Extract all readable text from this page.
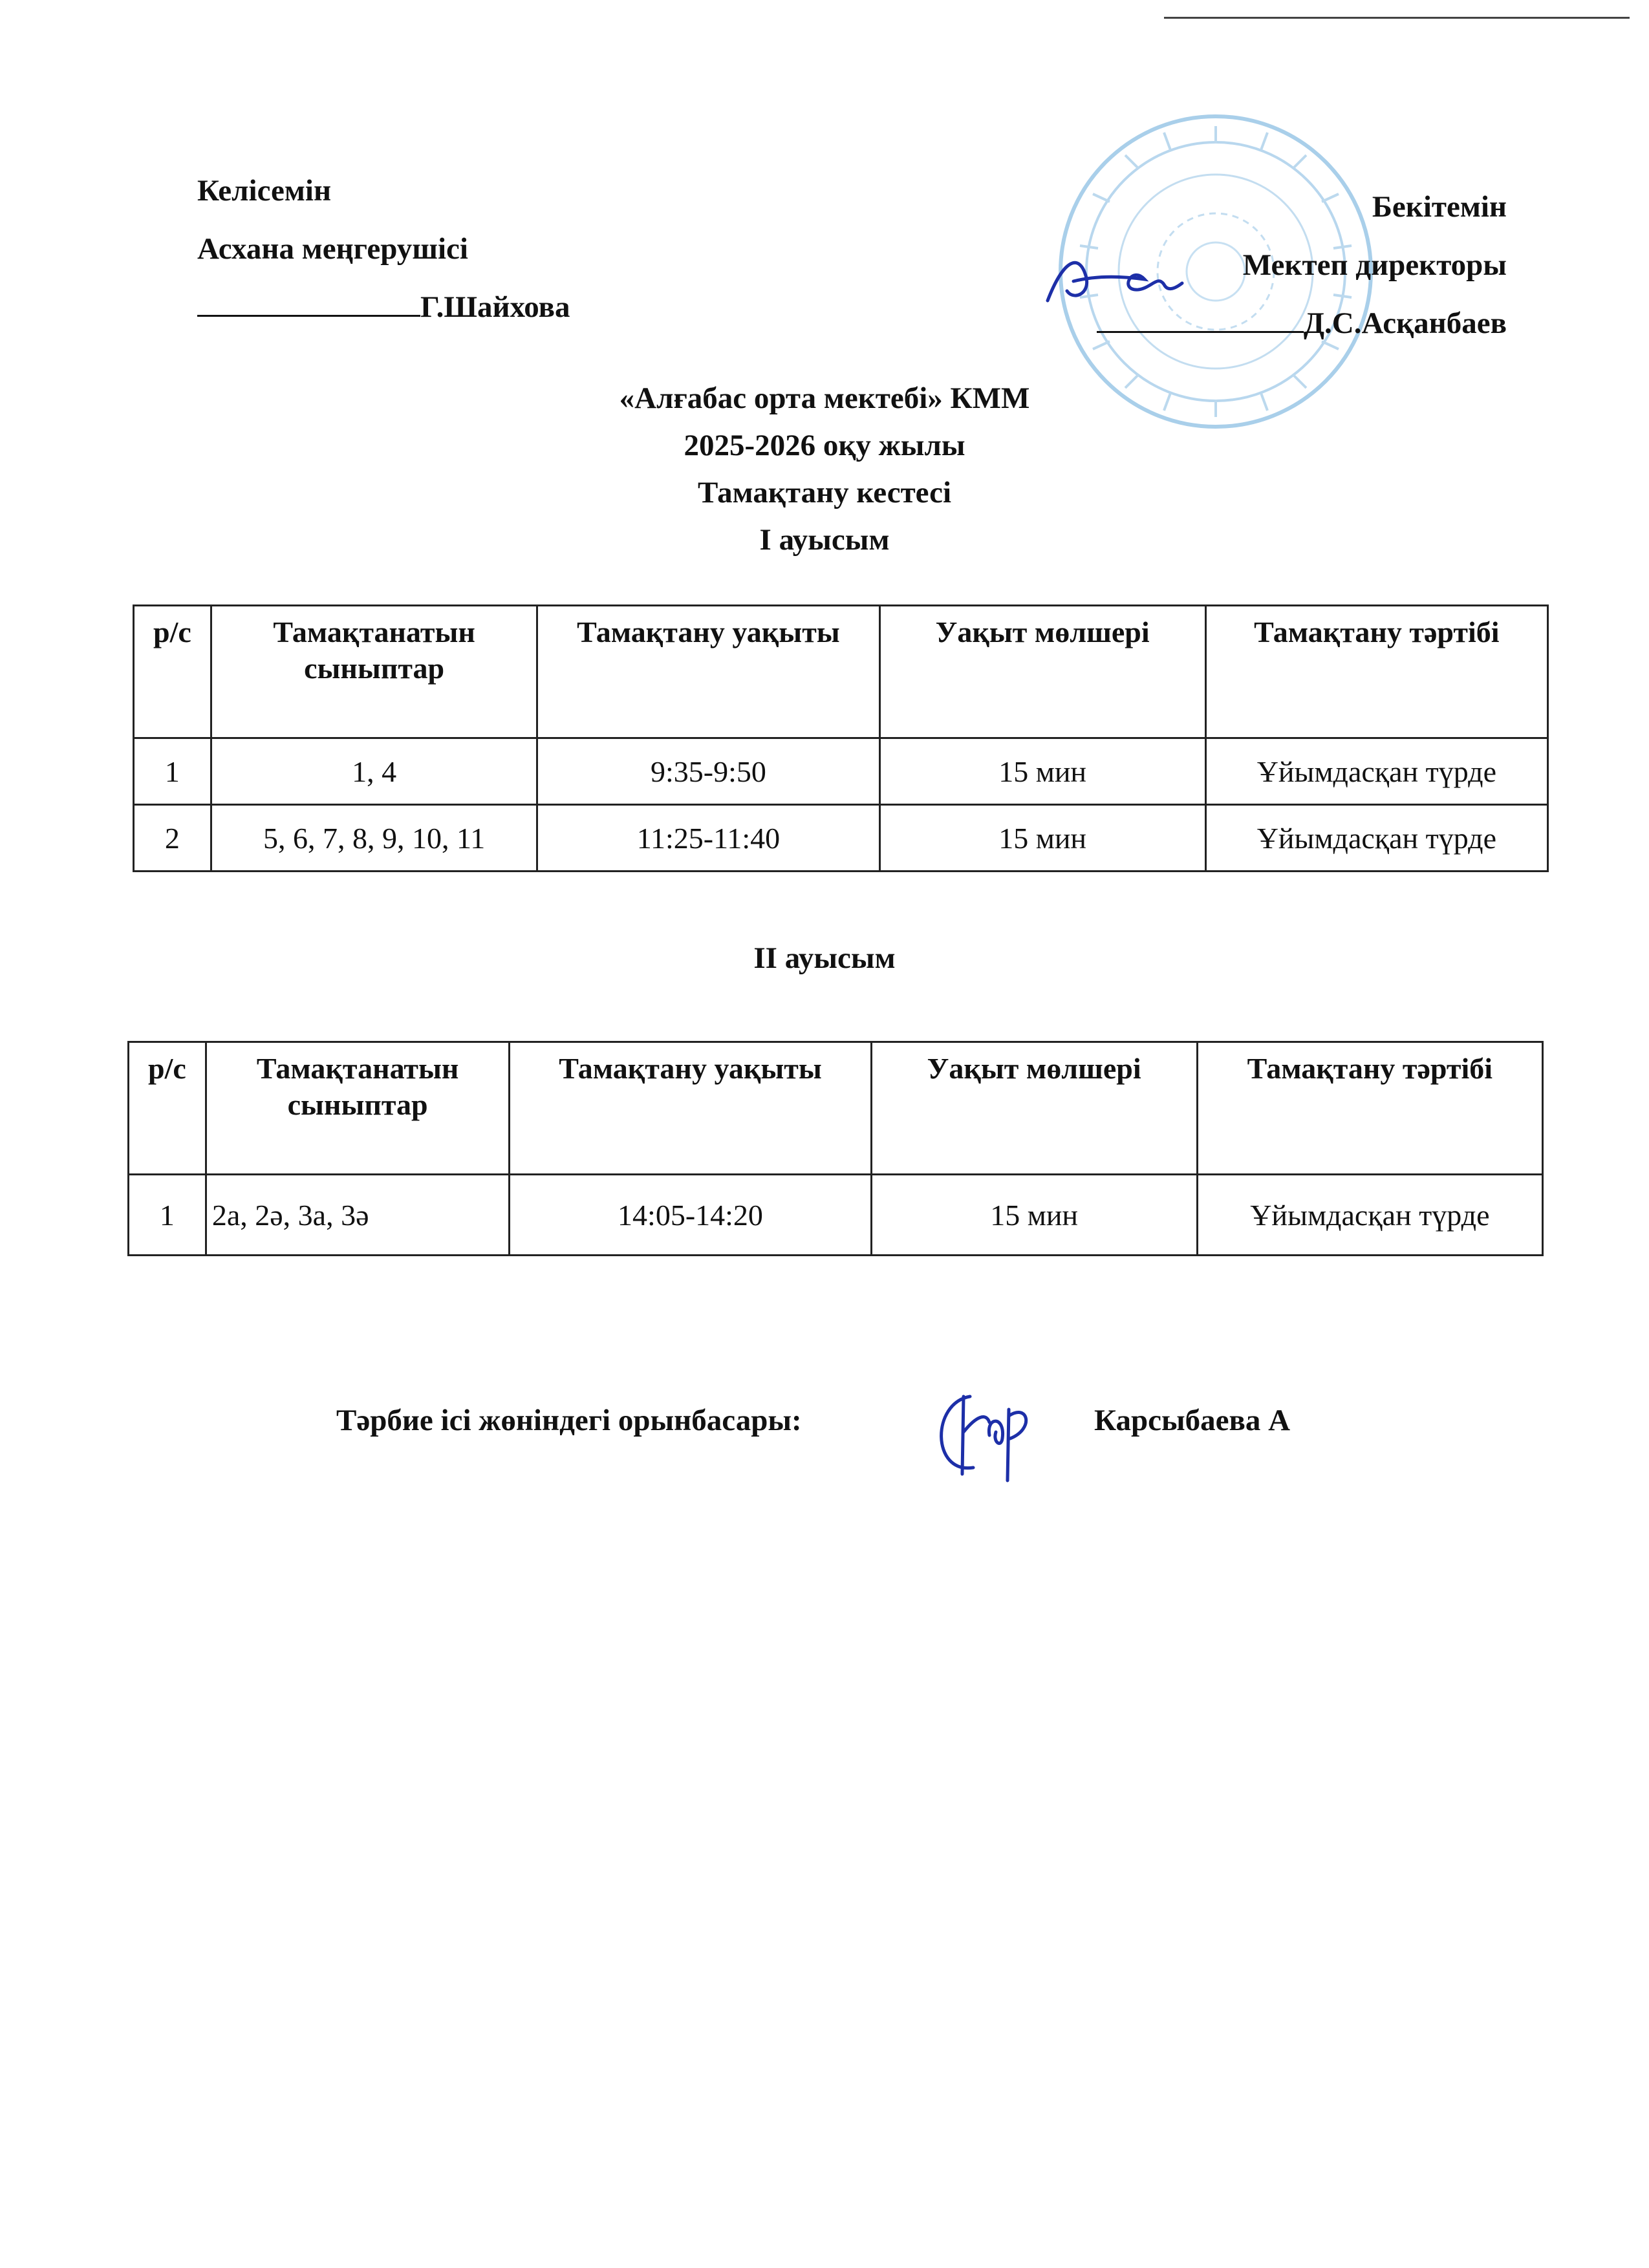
Келісемін
Асхана меңгерушісі
Г.Шайхова
Бекітемін
Мектеп директоры
Д.С.Асқанбаев
«Алғабас орта мектебі» КММ
2025-2026 оқу жылы
Тамақтану кестесі
I ауысым
р/с	Тамақтанатын сыныптар	Тамақтану уақыты	Уақыт мөлшері	Тамақтану тәртібі
1	1, 4	9:35-9:50	15 мин	Ұйымдасқан түрде
2	5, 6, 7, 8, 9, 10, 11	11:25-11:40	15 мин	Ұйымдасқан түрде
II ауысым
р/с	Тамақтанатын сыныптар	Тамақтану уақыты	Уақыт мөлшері	Тамақтану тәртібі
1	2а, 2ә, 3а, 3ә	14:05-14:20	15 мин	Ұйымдасқан түрде
Тәрбие ісі жөніндегі орынбасары:	Карсыбаева А
